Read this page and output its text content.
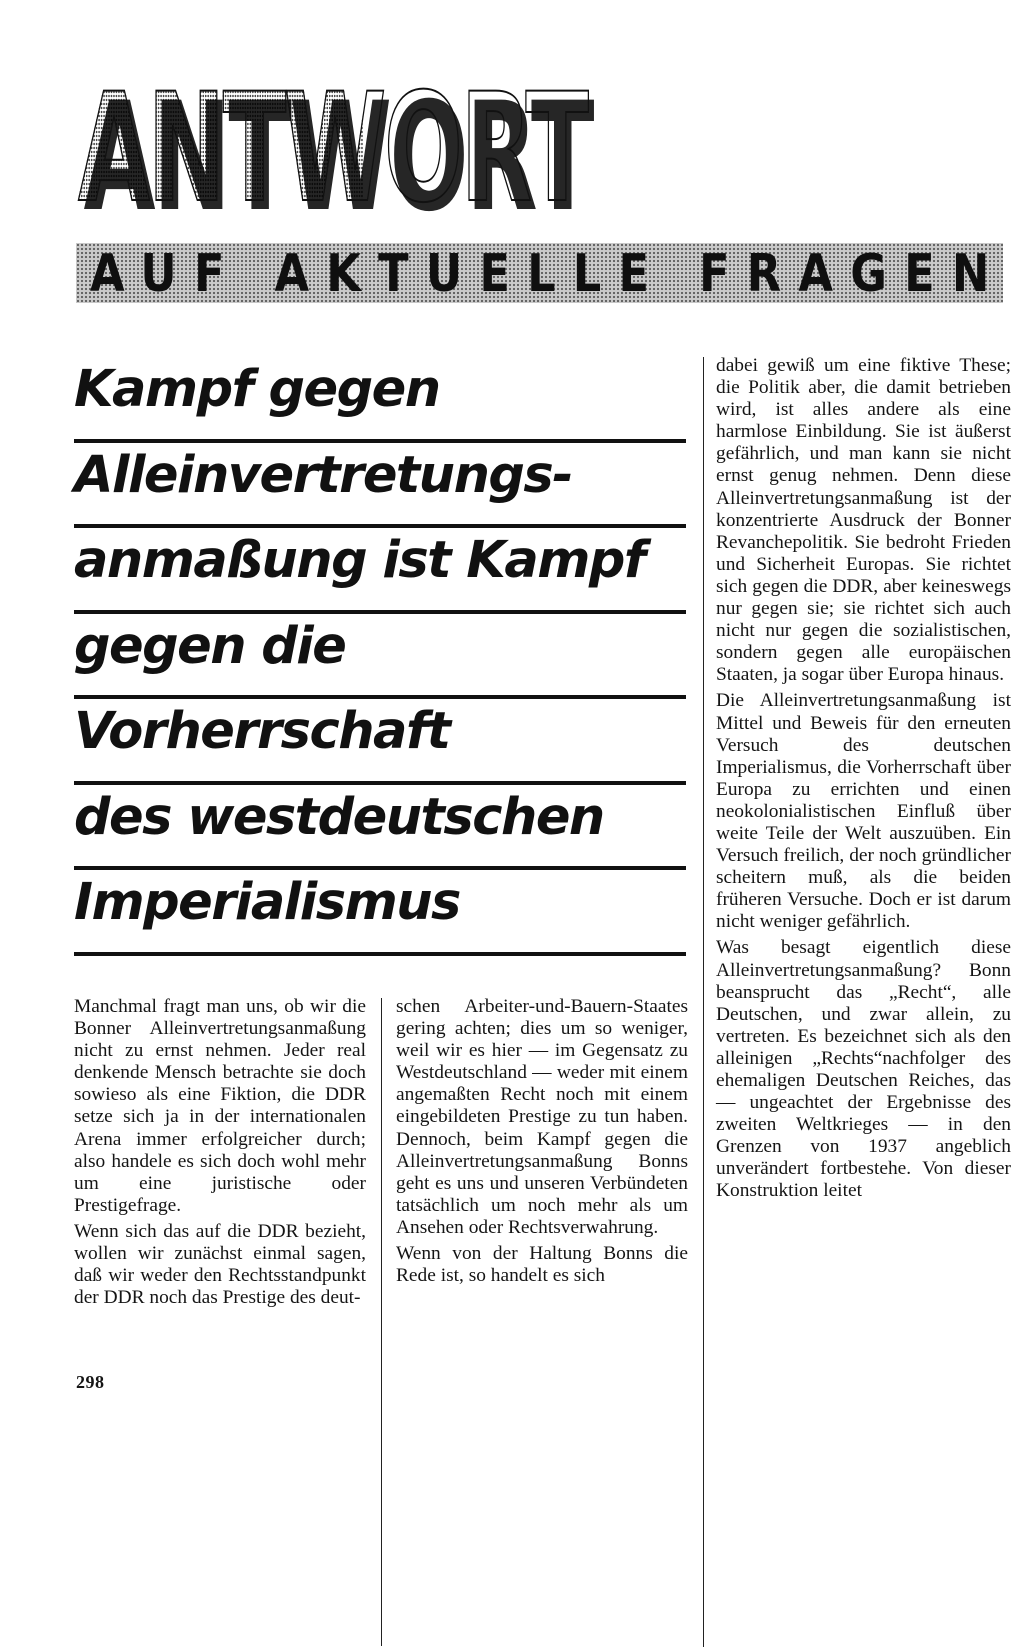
ANTWORT
AUF AKTUELLE FRAGEN
Kampf gegen
Alleinvertretungs-
anmaßung ist Kampf
gegen die
Vorherrschaft
des westdeutschen
Imperialismus

Manchmal fragt man uns, ob wir die Bonner Alleinvertretungsanmaßung nicht zu ernst nehmen. Jeder real denkende Mensch betrachte sie doch sowieso als eine Fiktion, die DDR setze sich ja in der internationalen Arena immer erfolgreicher durch; also handele es sich doch wohl mehr um eine juristische oder Prestigefrage.

Wenn sich das auf die DDR bezieht, wollen wir zunächst einmal sagen, daß wir weder den Rechtsstandpunkt der DDR noch das Prestige des deut-

schen Arbeiter-und-Bauern-Staates gering achten; dies um so weniger, weil wir es hier — im Gegensatz zu Westdeutschland — weder mit einem angemaßten Recht noch mit einem eingebildeten Prestige zu tun haben. Dennoch, beim Kampf gegen die Alleinvertretungsanmaßung Bonns geht es uns und unseren Verbündeten tatsächlich um noch mehr als um Ansehen oder Rechtsverwahrung.

Wenn von der Haltung Bonns die Rede ist, so handelt es sich

dabei gewiß um eine fiktive These; die Politik aber, die damit betrieben wird, ist alles andere als eine harmlose Einbildung. Sie ist äußerst gefährlich, und man kann sie nicht ernst genug nehmen. Denn diese Alleinvertretungsanmaßung ist der konzentrierte Ausdruck der Bonner Revanchepolitik. Sie bedroht Frieden und Sicherheit Europas. Sie richtet sich gegen die DDR, aber keineswegs nur gegen sie; sie richtet sich auch nicht nur gegen die sozialistischen, sondern gegen alle europäischen Staaten, ja sogar über Europa hinaus.

Die Alleinvertretungsanmaßung ist Mittel und Beweis für den erneuten Versuch des deutschen Imperialismus, die Vorherrschaft über Europa zu errichten und einen neokolonialistischen Einfluß über weite Teile der Welt auszuüben. Ein Versuch freilich, der noch gründlicher scheitern muß, als die beiden früheren Versuche. Doch er ist darum nicht weniger gefährlich.

Was besagt eigentlich diese Alleinvertretungsanmaßung? Bonn beansprucht das „Recht“, alle Deutschen, und zwar allein, zu vertreten. Es bezeichnet sich als den alleinigen „Rechts“nachfolger des ehemaligen Deutschen Reiches, das — ungeachtet der Ergebnisse des zweiten Weltkrieges — in den Grenzen von 1937 angeblich unverändert fortbestehe. Von dieser Konstruktion leitet

298
